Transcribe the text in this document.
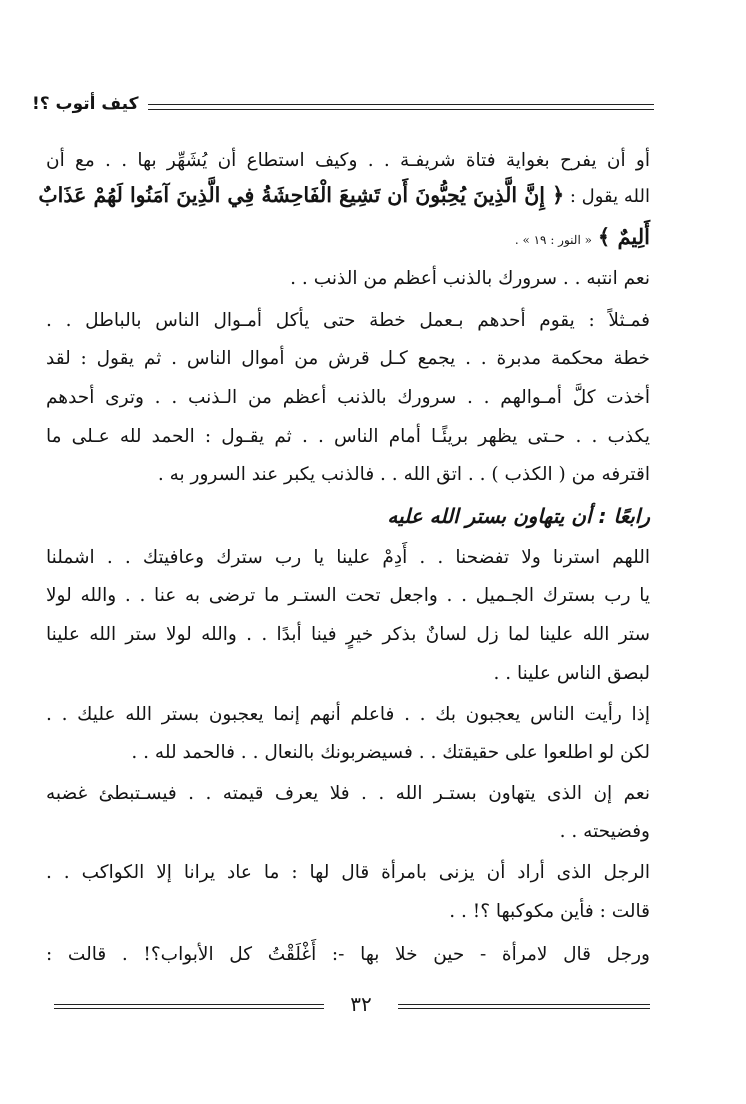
كيف أتوب ؟!
أو أن يفرح بغواية فتاة شريفـة . . وكيف استطاع أن يُشَهِّر بها . . مع أن
الله يقول : ﴿ إِنَّ الَّذِينَ يُحِبُّونَ أَن تَشِيعَ الْفَاحِشَةُ فِي الَّذِينَ آمَنُوا لَهُمْ عَذَابٌ
أَلِيمٌ ﴾ « النور : ١٩ » .
نعم انتبه . . سرورك بالذنب أعظم من الذنب . .
فمـثلاً : يقوم أحدهم بـعمل خطة حتى يأكل أمـوال الناس بالباطل . .
خطة محكمة مدبرة . . يجمع كـل قرش من أموال الناس . ثم يقول : لقد
أخذت كلَّ أمـوالهم . . سرورك بالذنب أعظم من الـذنب . . وترى أحدهم
يكذب . . حـتى يظهر بريئًـا أمام الناس . . ثم يقـول : الحمد لله عـلى ما
اقترفه من ( الكذب ) . . اتق الله . . فالذنب يكبر عند السرور به .
رابعًا : أن يتهاون بستر الله عليه
اللهم استرنا ولا تفضحنا . . أَدِمْ علينا يا رب سترك وعافيتك . . اشملنا
يا رب بسترك الجـميل . . واجعل تحت الستـر ما ترضى به عنا . . والله لولا
ستر الله علينا لما زل لسانٌ بذكر خيرٍ فينا أبدًا . . والله لولا ستر الله علينا
لبصق الناس علينا . .
إذا رأيت الناس يعجبون بك . . فاعلم أنهم إنما يعجبون بستر الله عليك . .
لكن لو اطلعوا على حقيقتك . . فسيضربونك بالنعال . . فالحمد لله . .
نعم إن الذى يتهاون بستـر الله . . فلا يعرف قيمته . . فيسـتبطئ غضبه
وفضيحته . .
الرجل الذى أراد أن يزنى بامرأة قال لها : ما عاد يرانا إلا الكواكب . .
قالت : فأين مكوكبها ؟! . .
ورجل قال لامرأة - حين خلا بها -: أَغْلَقْتُ كل الأبواب؟! . قالت :
٣٢
